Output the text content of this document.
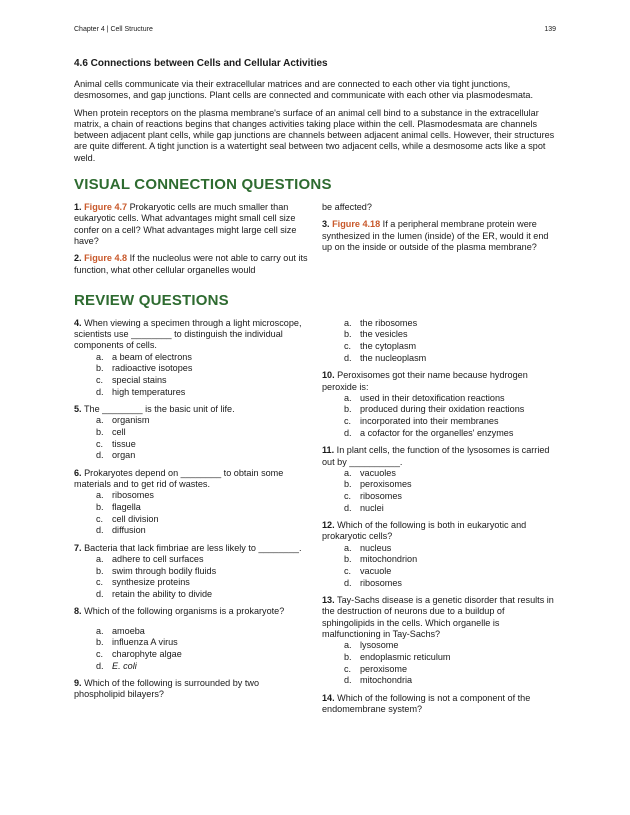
Chapter 4 | Cell Structure	139
4.6 Connections between Cells and Cellular Activities

Animal cells communicate via their extracellular matrices and are connected to each other via tight junctions, desmosomes, and gap junctions. Plant cells are connected and communicate with each other via plasmodesmata.

When protein receptors on the plasma membrane's surface of an animal cell bind to a substance in the extracellular matrix, a chain of reactions begins that changes activities taking place within the cell. Plasmodesmata are channels between adjacent plant cells, while gap junctions are channels between adjacent animal cells. However, their structures are quite different. A tight junction is a watertight seal between two adjacent cells, while a desmosome acts like a spot weld.

VISUAL CONNECTION QUESTIONS
1. Figure 4.7 Prokaryotic cells are much smaller than eukaryotic cells. What advantages might small cell size confer on a cell? What advantages might large cell size have?
2. Figure 4.8 If the nucleolus were not able to carry out its function, what other cellular organelles would
be affected?
3. Figure 4.18 If a peripheral membrane protein were synthesized in the lumen (inside) of the ER, would it end up on the inside or outside of the plasma membrane?
REVIEW QUESTIONS
4. When viewing a specimen through a light microscope, scientists use ________ to distinguish the individual components of cells.
a. a beam of electrons
b. radioactive isotopes
c. special stains
d. high temperatures
5. The ________ is the basic unit of life.
a. organism
b. cell
c. tissue
d. organ
6. Prokaryotes depend on ________ to obtain some materials and to get rid of wastes.
a. ribosomes
b. flagella
c. cell division
d. diffusion
7. Bacteria that lack fimbriae are less likely to ________.
a. adhere to cell surfaces
b. swim through bodily fluids
c. synthesize proteins
d. retain the ability to divide
8. Which of the following organisms is a prokaryote?
a. amoeba
b. influenza A virus
c. charophyte algae
d. E. coli
9. Which of the following is surrounded by two phospholipid bilayers?
a. the ribosomes
b. the vesicles
c. the cytoplasm
d. the nucleoplasm
10. Peroxisomes got their name because hydrogen peroxide is:
a. used in their detoxification reactions
b. produced during their oxidation reactions
c. incorporated into their membranes
d. a cofactor for the organelles' enzymes
11. In plant cells, the function of the lysosomes is carried out by __________.
a. vacuoles
b. peroxisomes
c. ribosomes
d. nuclei
12. Which of the following is both in eukaryotic and prokaryotic cells?
a. nucleus
b. mitochondrion
c. vacuole
d. ribosomes
13. Tay-Sachs disease is a genetic disorder that results in the destruction of neurons due to a buildup of sphingolipids in the cells. Which organelle is malfunctioning in Tay-Sachs?
a. lysosome
b. endoplasmic reticulum
c. peroxisome
d. mitochondria
14. Which of the following is not a component of the endomembrane system?
